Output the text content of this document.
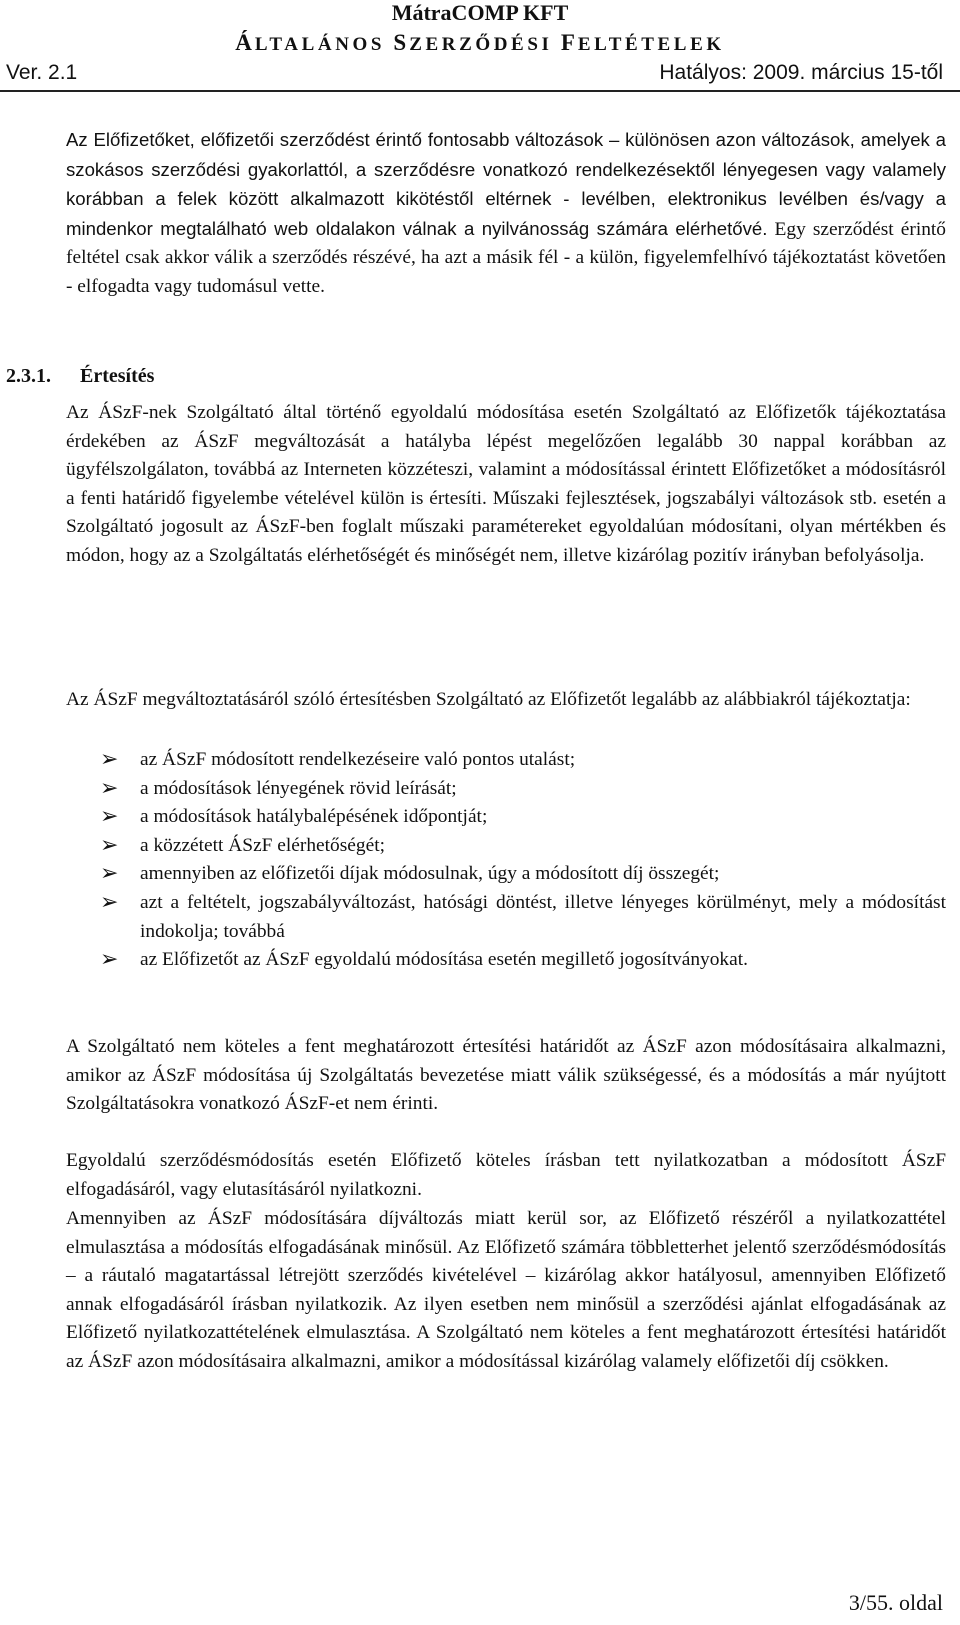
MátraCOMP KFT
ÁLTALÁNOS SZERZŐDÉSI FELTÉTELEK
Ver. 2.1	Hatályos: 2009. március 15-től
Az Előfizetőket, előfizetői szerződést érintő fontosabb változások – különösen azon változások, amelyek a szokásos szerződési gyakorlattól, a szerződésre vonatkozó rendelkezésektől lényegesen vagy valamely korábban a felek között alkalmazott kikötéstől eltérnek - levélben, elektronikus levélben és/vagy a mindenkor megtalálható web oldalakon válnak a nyilvánosság számára elérhetővé. Egy szerződést érintő feltétel csak akkor válik a szerződés részévé, ha azt a másik fél - a külön, figyelemfelhívó tájékoztatást követően - elfogadta vagy tudomásul vette.
2.3.1. Értesítés
Az ÁSzF-nek Szolgáltató által történő egyoldalú módosítása esetén Szolgáltató az Előfizetők tájékoztatása érdekében az ÁSzF megváltozását a hatályba lépést megelőzően legalább 30 nappal korábban az ügyfélszolgálaton, továbbá az Interneten közzéteszi, valamint a módosítással érintett Előfizetőket a módosításról a fenti határidő figyelembe vételével külön is értesíti. Műszaki fejlesztések, jogszabályi változások stb. esetén a Szolgáltató jogosult az ÁSzF-ben foglalt műszaki paramétereket egyoldalúan módosítani, olyan mértékben és módon, hogy az a Szolgáltatás elérhetőségét és minőségét nem, illetve kizárólag pozitív irányban befolyásolja.
Az ÁSzF megváltoztatásáról szóló értesítésben Szolgáltató az Előfizetőt legalább az alábbiakról tájékoztatja:
➢ az ÁSzF módosított rendelkezéseire való pontos utalást;
➢ a módosítások lényegének rövid leírását;
➢ a módosítások hatálybalépésének időpontját;
➢ a közzétett ÁSzF elérhetőségét;
➢ amennyiben az előfizetői díjak módosulnak, úgy a módosított díj összegét;
➢ azt a feltételt, jogszabályváltozást, hatósági döntést, illetve lényeges körülményt, mely a módosítást indokolja; továbbá
➢ az Előfizetőt az ÁSzF egyoldalú módosítása esetén megillető jogosítványokat.
A Szolgáltató nem köteles a fent meghatározott értesítési határidőt az ÁSzF azon módosításaira alkalmazni, amikor az ÁSzF módosítása új Szolgáltatás bevezetése miatt válik szükségessé, és a módosítás a már nyújtott Szolgáltatásokra vonatkozó ÁSzF-et nem érinti.
Egyoldalú szerződésmódosítás esetén Előfizető köteles írásban tett nyilatkozatban a módosított ÁSzF elfogadásáról, vagy elutasításáról nyilatkozni.
Amennyiben az ÁSzF módosítására díjváltozás miatt kerül sor, az Előfizető részéről a nyilatkozattétel elmulasztása a módosítás elfogadásának minősül. Az Előfizető számára többletterhet jelentő szerződésmódosítás – a ráutaló magatartással létrejött szerződés kivételével – kizárólag akkor hatályosul, amennyiben Előfizető annak elfogadásáról írásban nyilatkozik. Az ilyen esetben nem minősül a szerződési ajánlat elfogadásának az Előfizető nyilatkozattételének elmulasztása. A Szolgáltató nem köteles a fent meghatározott értesítési határidőt az ÁSzF azon módosításaira alkalmazni, amikor a módosítással kizárólag valamely előfizetői díj csökken.
3/55. oldal
